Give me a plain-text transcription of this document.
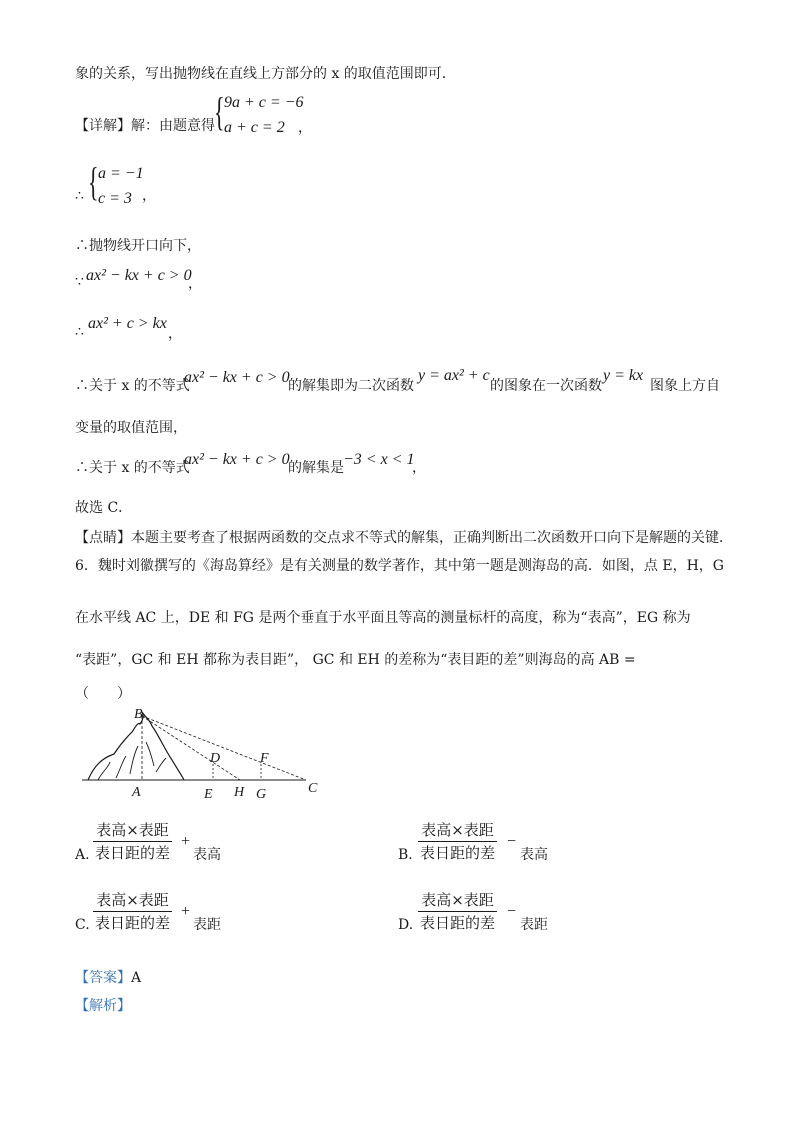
象的关系，写出抛物线在直线上方部分的 x 的取值范围即可．
【详解】解：由题意得 { 9a + c = −6
a + c = 2 ，
∴ { a = −1
c = 3 ，
∴抛物线开口向下，
∵ ax² − kx + c > 0
，
∴ ax² + c > kx
，
∴关于 x 的不等式
ax² − kx + c > 0
的解集即为二次函数
y = ax² + c
的图象在一次函数
y = kx
图象上方自
变量的取值范围，
∴关于 x 的不等式
ax² − kx + c > 0
的解集是 −3 < x < 1
，
故选 C．
【点睛】本题主要考查了根据两函数的交点求不等式的解集，正确判断出二次函数开口向下是解题的关键．
6．魏时刘徽撰写的《海岛算经》是有关测量的数学著作，其中第一题是测海岛的高．如图，点 E，H，G
在水平线 AC 上，DE 和 FG 是两个垂直于水平面且等高的测量标杆的高度，称为“表高”，EG 称为
“表距”，GC 和 EH 都称为表目距”， GC 和 EH 的差称为“表目距的差”则海岛的高 AB =
（　　）
B
D	F
A	E H G	C
A.
表高×表距
表日距的差
+
表高	B.
表高×表距
表日距的差
−
表高
C.
表高×表距
表日距的差
+
表距	D.
表高×表距
表日距的差
−
表距
【答案】A
【解析】
